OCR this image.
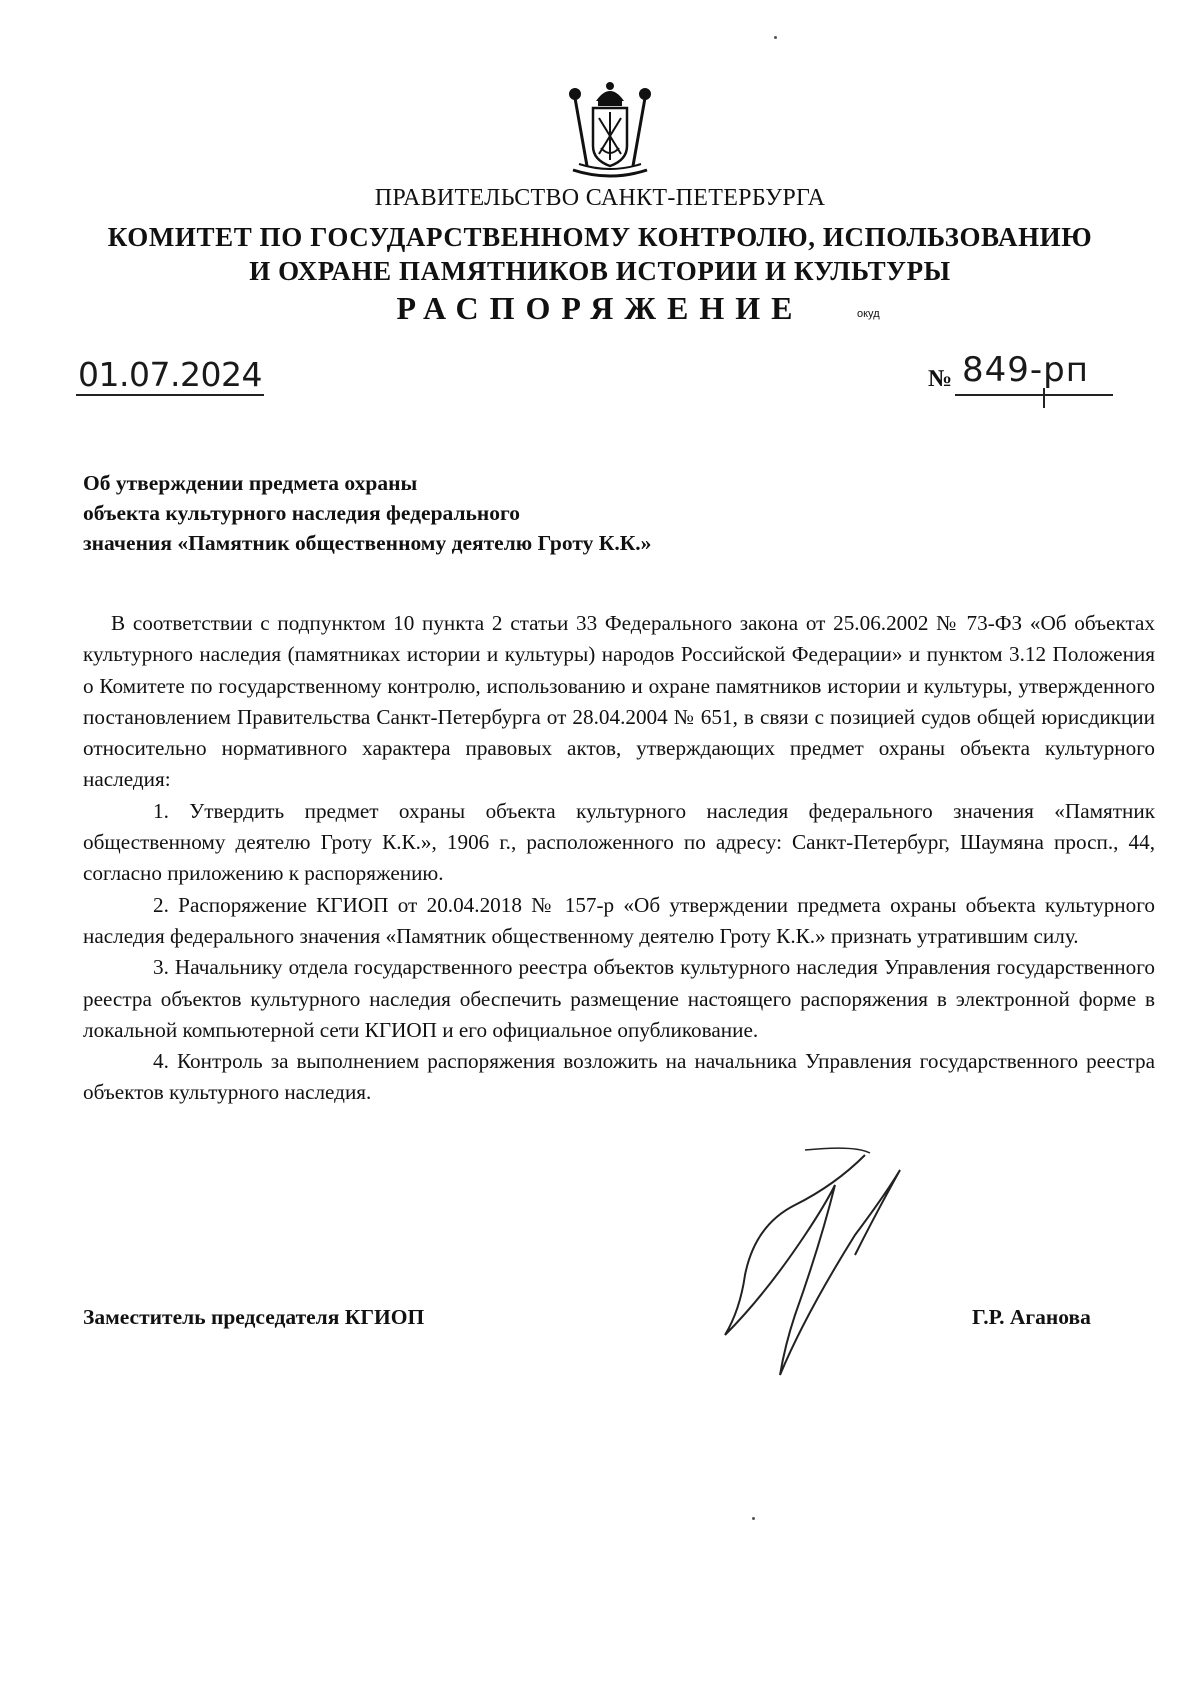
ПРАВИТЕЛЬСТВО САНКТ-ПЕТЕРБУРГА
КОМИТЕТ ПО ГОСУДАРСТВЕННОМУ КОНТРОЛЮ, ИСПОЛЬЗОВАНИЮ
И ОХРАНЕ ПАМЯТНИКОВ ИСТОРИИ И КУЛЬТУРЫ
РАСПОРЯЖЕНИЕ	окуд
01.07.2024	№ 849-рп
Об утверждении предмета охраны
объекта культурного наследия федерального
значения «Памятник общественному деятелю Гроту К.К.»

В соответствии с подпунктом 10 пункта 2 статьи 33 Федерального закона от 25.06.2002 № 73-ФЗ «Об объектах культурного наследия (памятниках истории и культуры) народов Российской Федерации» и пунктом 3.12 Положения о Комитете по государственному контролю, использованию и охране памятников истории и культуры, утвержденного постановлением Правительства Санкт-Петербурга от 28.04.2004 № 651, в связи с позицией судов общей юрисдикции относительно нормативного характера правовых актов, утверждающих предмет охраны объекта культурного наследия:

1. Утвердить предмет охраны объекта культурного наследия федерального значения «Памятник общественному деятелю Гроту К.К.», 1906 г., расположенного по адресу: Санкт-Петербург, Шаумяна просп., 44, согласно приложению к распоряжению.

2. Распоряжение КГИОП от 20.04.2018 № 157-р «Об утверждении предмета охраны объекта культурного наследия федерального значения «Памятник общественному деятелю Гроту К.К.» признать утратившим силу.

3. Начальнику отдела государственного реестра объектов культурного наследия Управления государственного реестра объектов культурного наследия обеспечить размещение настоящего распоряжения в электронной форме в локальной компьютерной сети КГИОП и его официальное опубликование.

4. Контроль за выполнением распоряжения возложить на начальника Управления государственного реестра объектов культурного наследия.

Заместитель председателя КГИОП	Г.Р. Аганова
